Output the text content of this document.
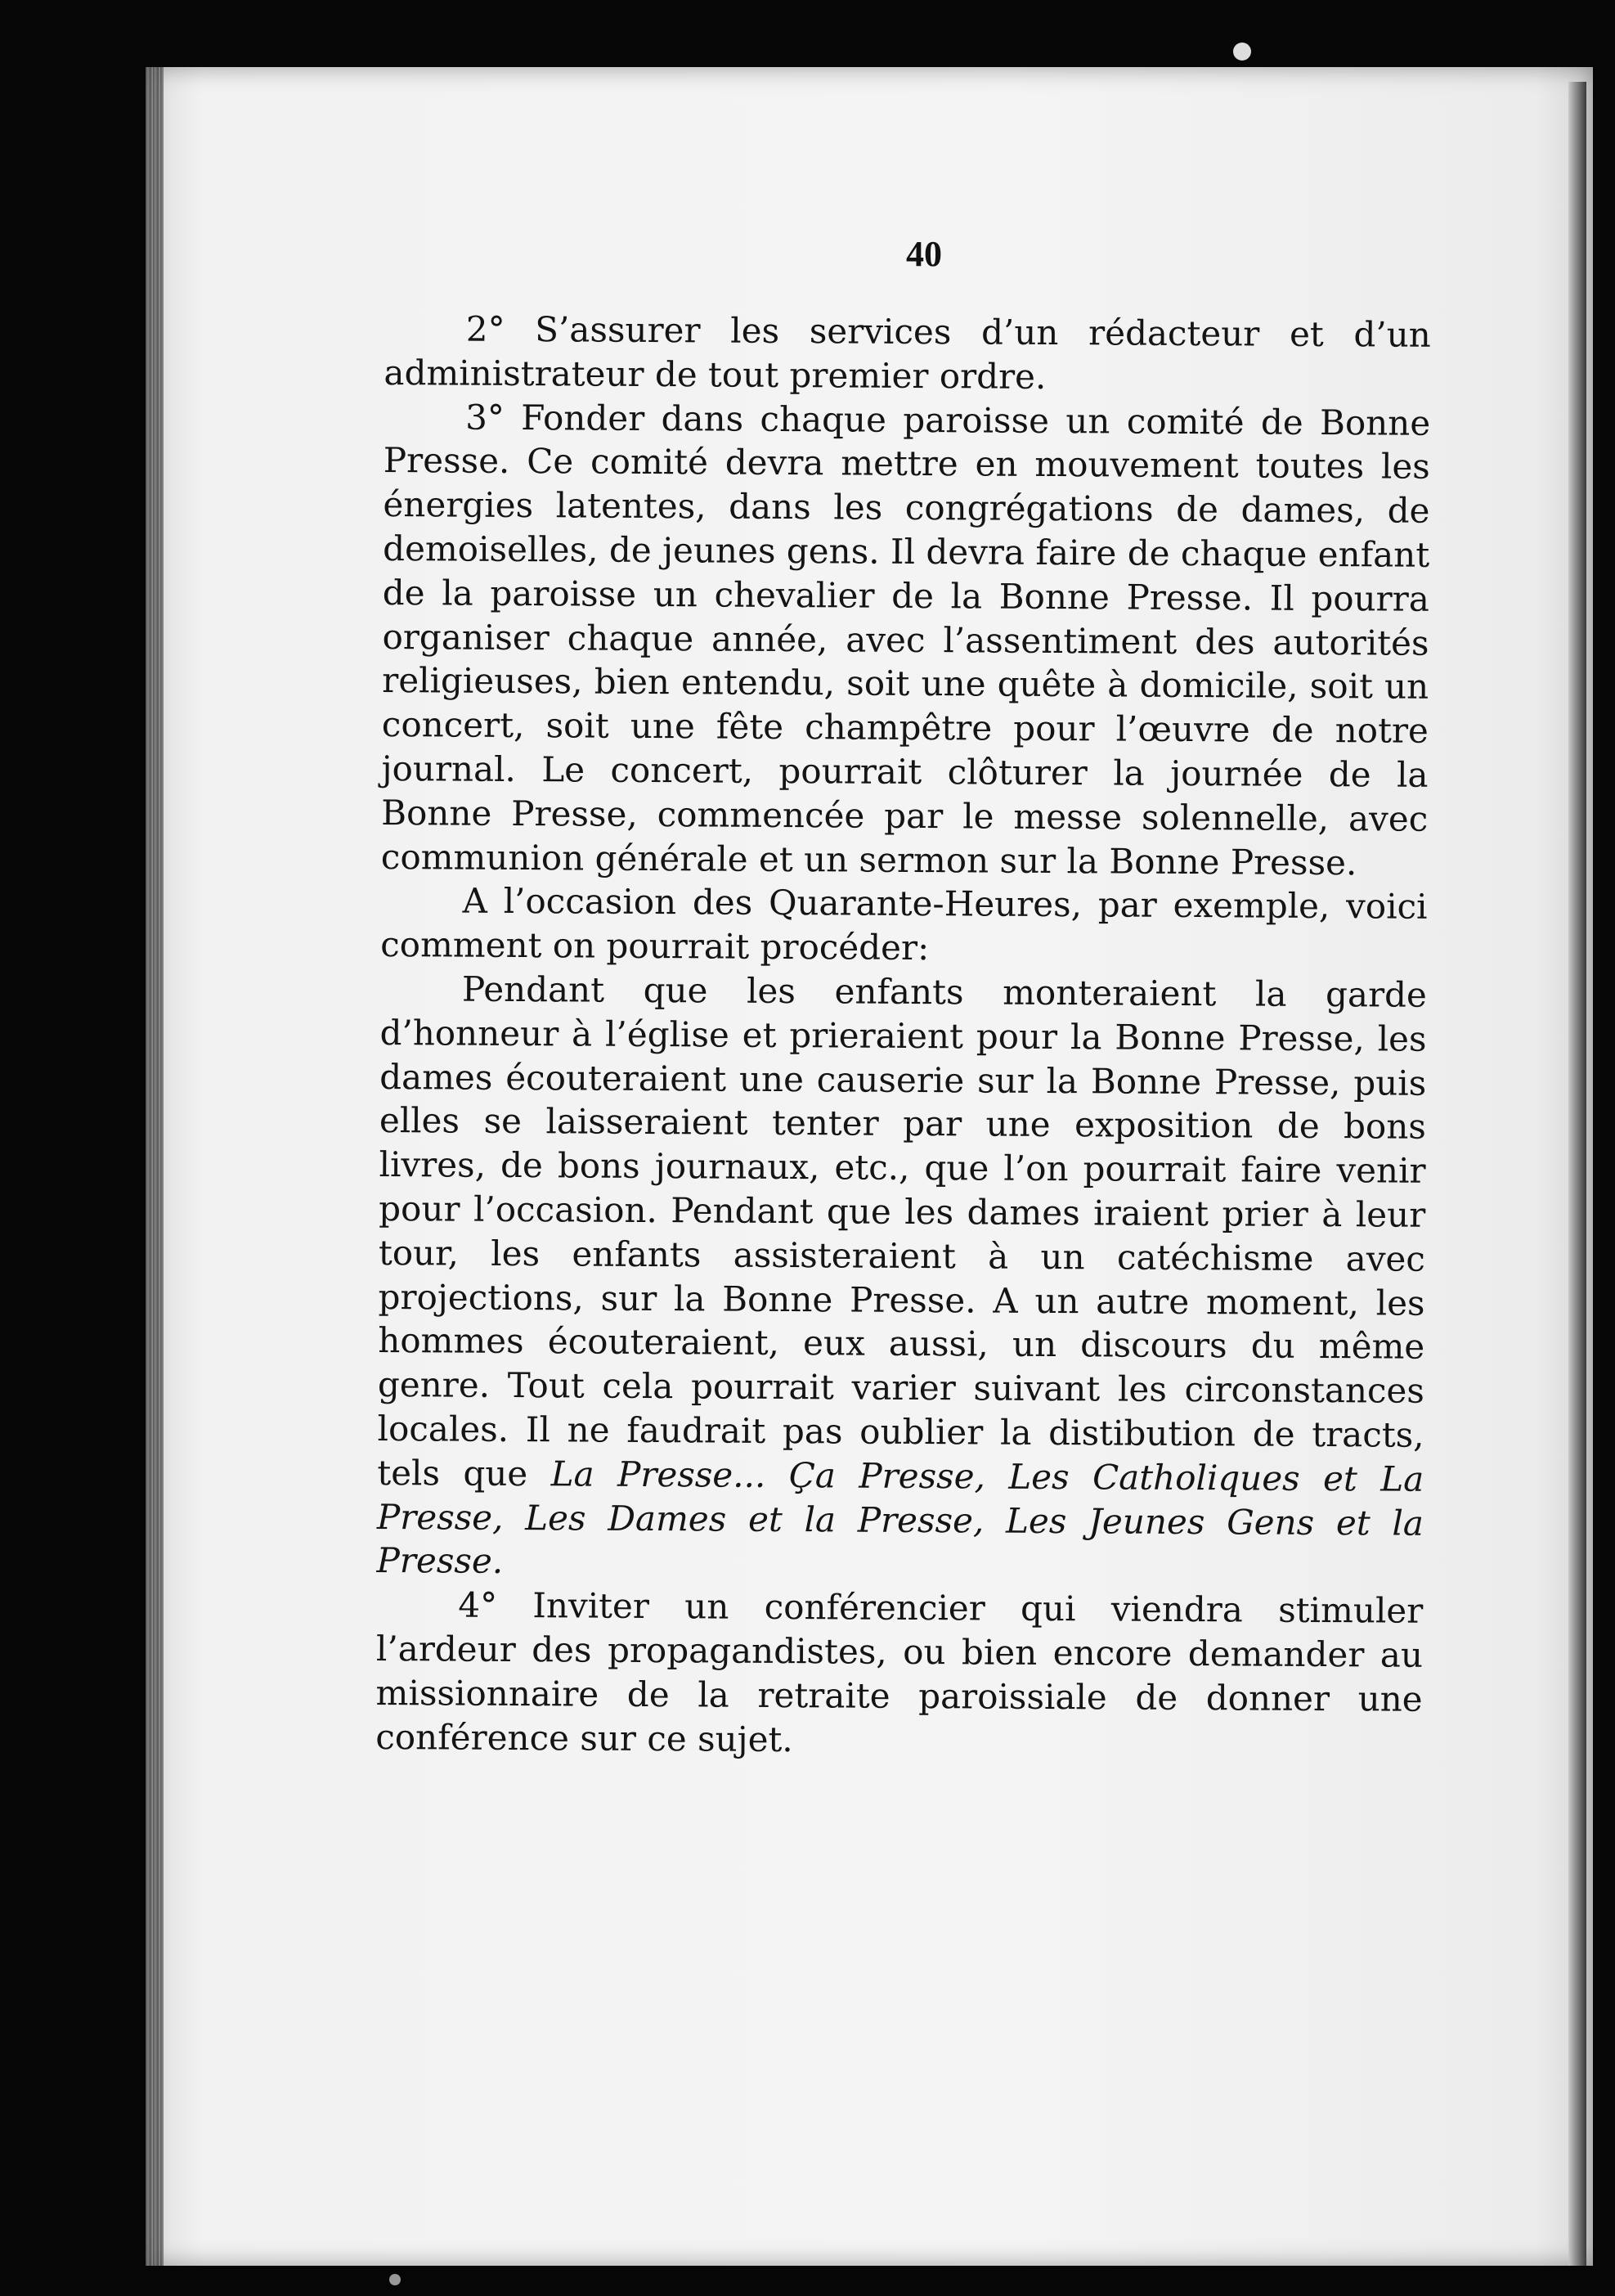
40

2° S’assurer les services d’un rédacteur et d’un administrateur de tout premier ordre.

3° Fonder dans chaque paroisse un comité de Bonne Presse. Ce comité devra mettre en mouvement toutes les énergies latentes, dans les congrégations de dames, de demoiselles, de jeunes gens. Il devra faire de chaque enfant de la paroisse un chevalier de la Bonne Presse. Il pourra organiser chaque année, avec l’assentiment des autorités religieuses, bien entendu, soit une quête à domicile, soit un concert, soit une fête champêtre pour l’œuvre de notre journal. Le concert, pourrait clôturer la journée de la Bonne Presse, commencée par le messe solennelle, avec communion générale et un sermon sur la Bonne Presse.

A l’occasion des Quarante-Heures, par exemple, voici comment on pourrait procéder:

Pendant que les enfants monteraient la garde d’honneur à l’église et prieraient pour la Bonne Presse, les dames écouteraient une causerie sur la Bonne Presse, puis elles se laisseraient tenter par une exposition de bons livres, de bons journaux, etc., que l’on pourrait faire venir pour l’occasion. Pendant que les dames iraient prier à leur tour, les enfants assisteraient à un catéchisme avec projections, sur la Bonne Presse. A un autre moment, les hommes écouteraient, eux aussi, un discours du même genre. Tout cela pourrait varier suivant les circonstances locales. Il ne faudrait pas oublier la distibution de tracts, tels que La Presse... Ça Presse, Les Catholiques et La Presse, Les Dames et la Presse, Les Jeunes Gens et la Presse.

4° Inviter un conférencier qui viendra stimuler l’ardeur des propagandistes, ou bien encore demander au missionnaire de la retraite paroissiale de donner une conférence sur ce sujet.
